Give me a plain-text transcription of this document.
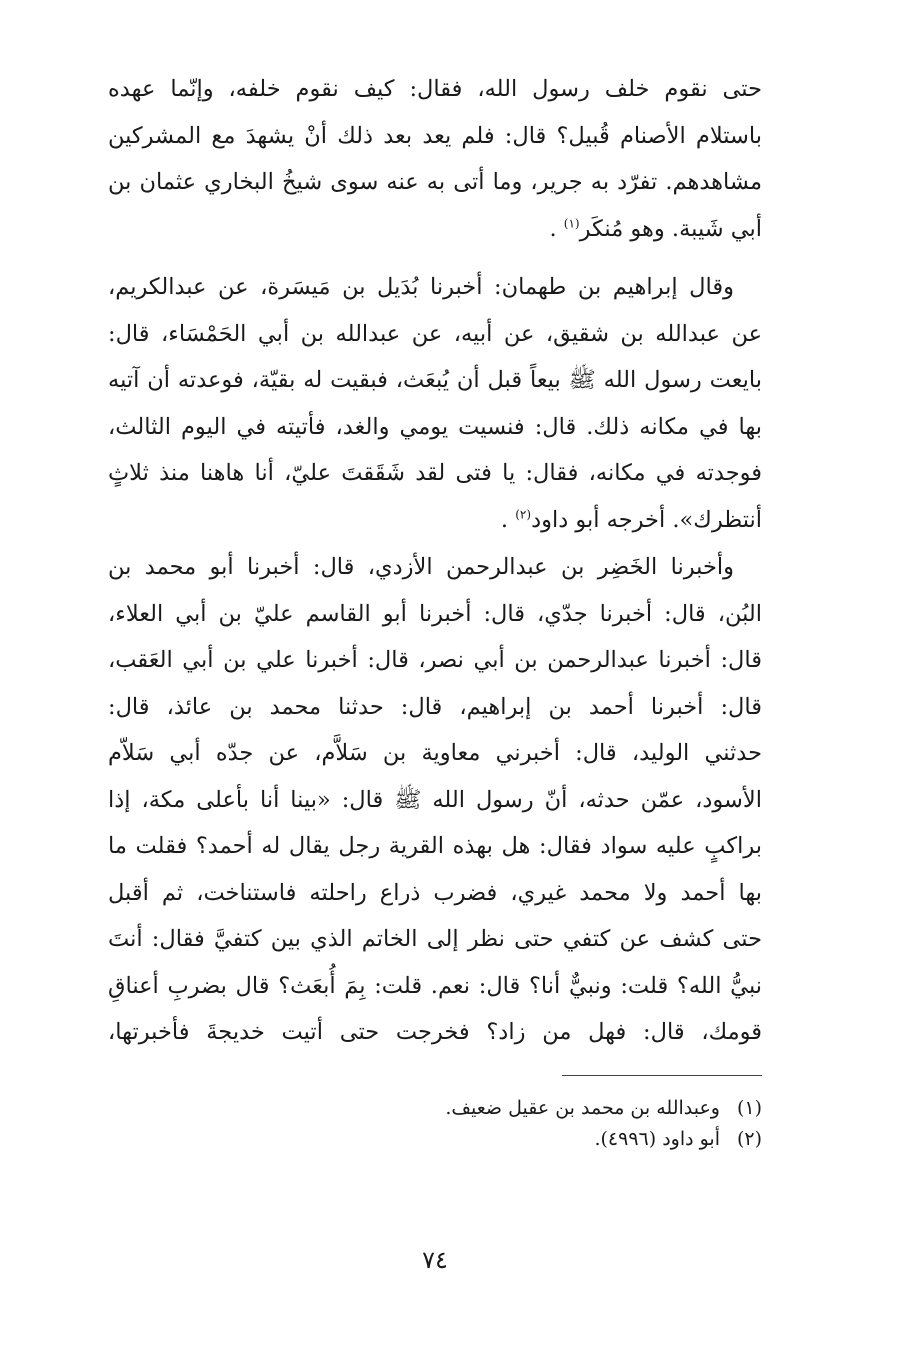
حتى نقوم خلف رسول الله، فقال: كيف نقوم خلفه، وإنّما عهده
باستلام الأصنام قُبيل؟ قال: فلم يعد بعد ذلك أنْ يشهدَ مع المشركين
مشاهدهم. تفرّد به جرير، وما أتى به عنه سوى شيخُ البخاري عثمان بن
أبي شَيبة. وهو مُنكَر$^{(١)}$ .
وقال إبراهيم بن طهمان: أخبرنا بُدَيل بن مَيسَرة، عن عبدالكريم،
عن عبدالله بن شقيق، عن أبيه، عن عبدالله بن أبي الحَمْسَاء، قال:
بايعت رسول الله ﷺ بيعاً قبل أن يُبعَث، فبقيت له بقيّة، فوعدته أن آتيه
بها في مكانه ذلك. قال: فنسيت يومي والغد، فأتيته في اليوم الثالث،
فوجدته في مكانه، فقال: يا فتى لقد شَقَقتَ عليّ، أنا هاهنا منذ ثلاثٍ
أنتظرك». أخرجه أبو داود$^{(٢)}$ .
وأخبرنا الخَضِر بن عبدالرحمن الأزدي، قال: أخبرنا أبو محمد بن
البُن، قال: أخبرنا جدّي، قال: أخبرنا أبو القاسم عليّ بن أبي العلاء،
قال: أخبرنا عبدالرحمن بن أبي نصر، قال: أخبرنا علي بن أبي العَقب،
قال: أخبرنا أحمد بن إبراهيم، قال: حدثنا محمد بن عائذ، قال:
حدثني الوليد، قال: أخبرني معاوية بن سَلاَّم، عن جدّه أبي سَلاّم
الأسود، عمّن حدثه، أنّ رسول الله ﷺ قال: «بينا أنا بأعلى مكة، إذا
براكبٍ عليه سواد فقال: هل بهذه القرية رجل يقال له أحمد؟ فقلت ما
بها أحمد ولا محمد غيري، فضرب ذراع راحلته فاستناخت، ثم أقبل
حتى كشف عن كتفي حتى نظر إلى الخاتم الذي بين كتفيَّ فقال: أنتَ
نبيُّ الله؟ قلت: ونبيٌّ أنا؟ قال: نعم. قلت: بِمَ أُبعَث؟ قال بضربِ أعناقِ
قومك، قال: فهل من زاد؟ فخرجت حتى أتيت خديجةَ فأخبرتها،
(١)وعبدالله بن محمد بن عقيل ضعيف.
(٢)أبو داود (٤٩٩٦).
٧٤
